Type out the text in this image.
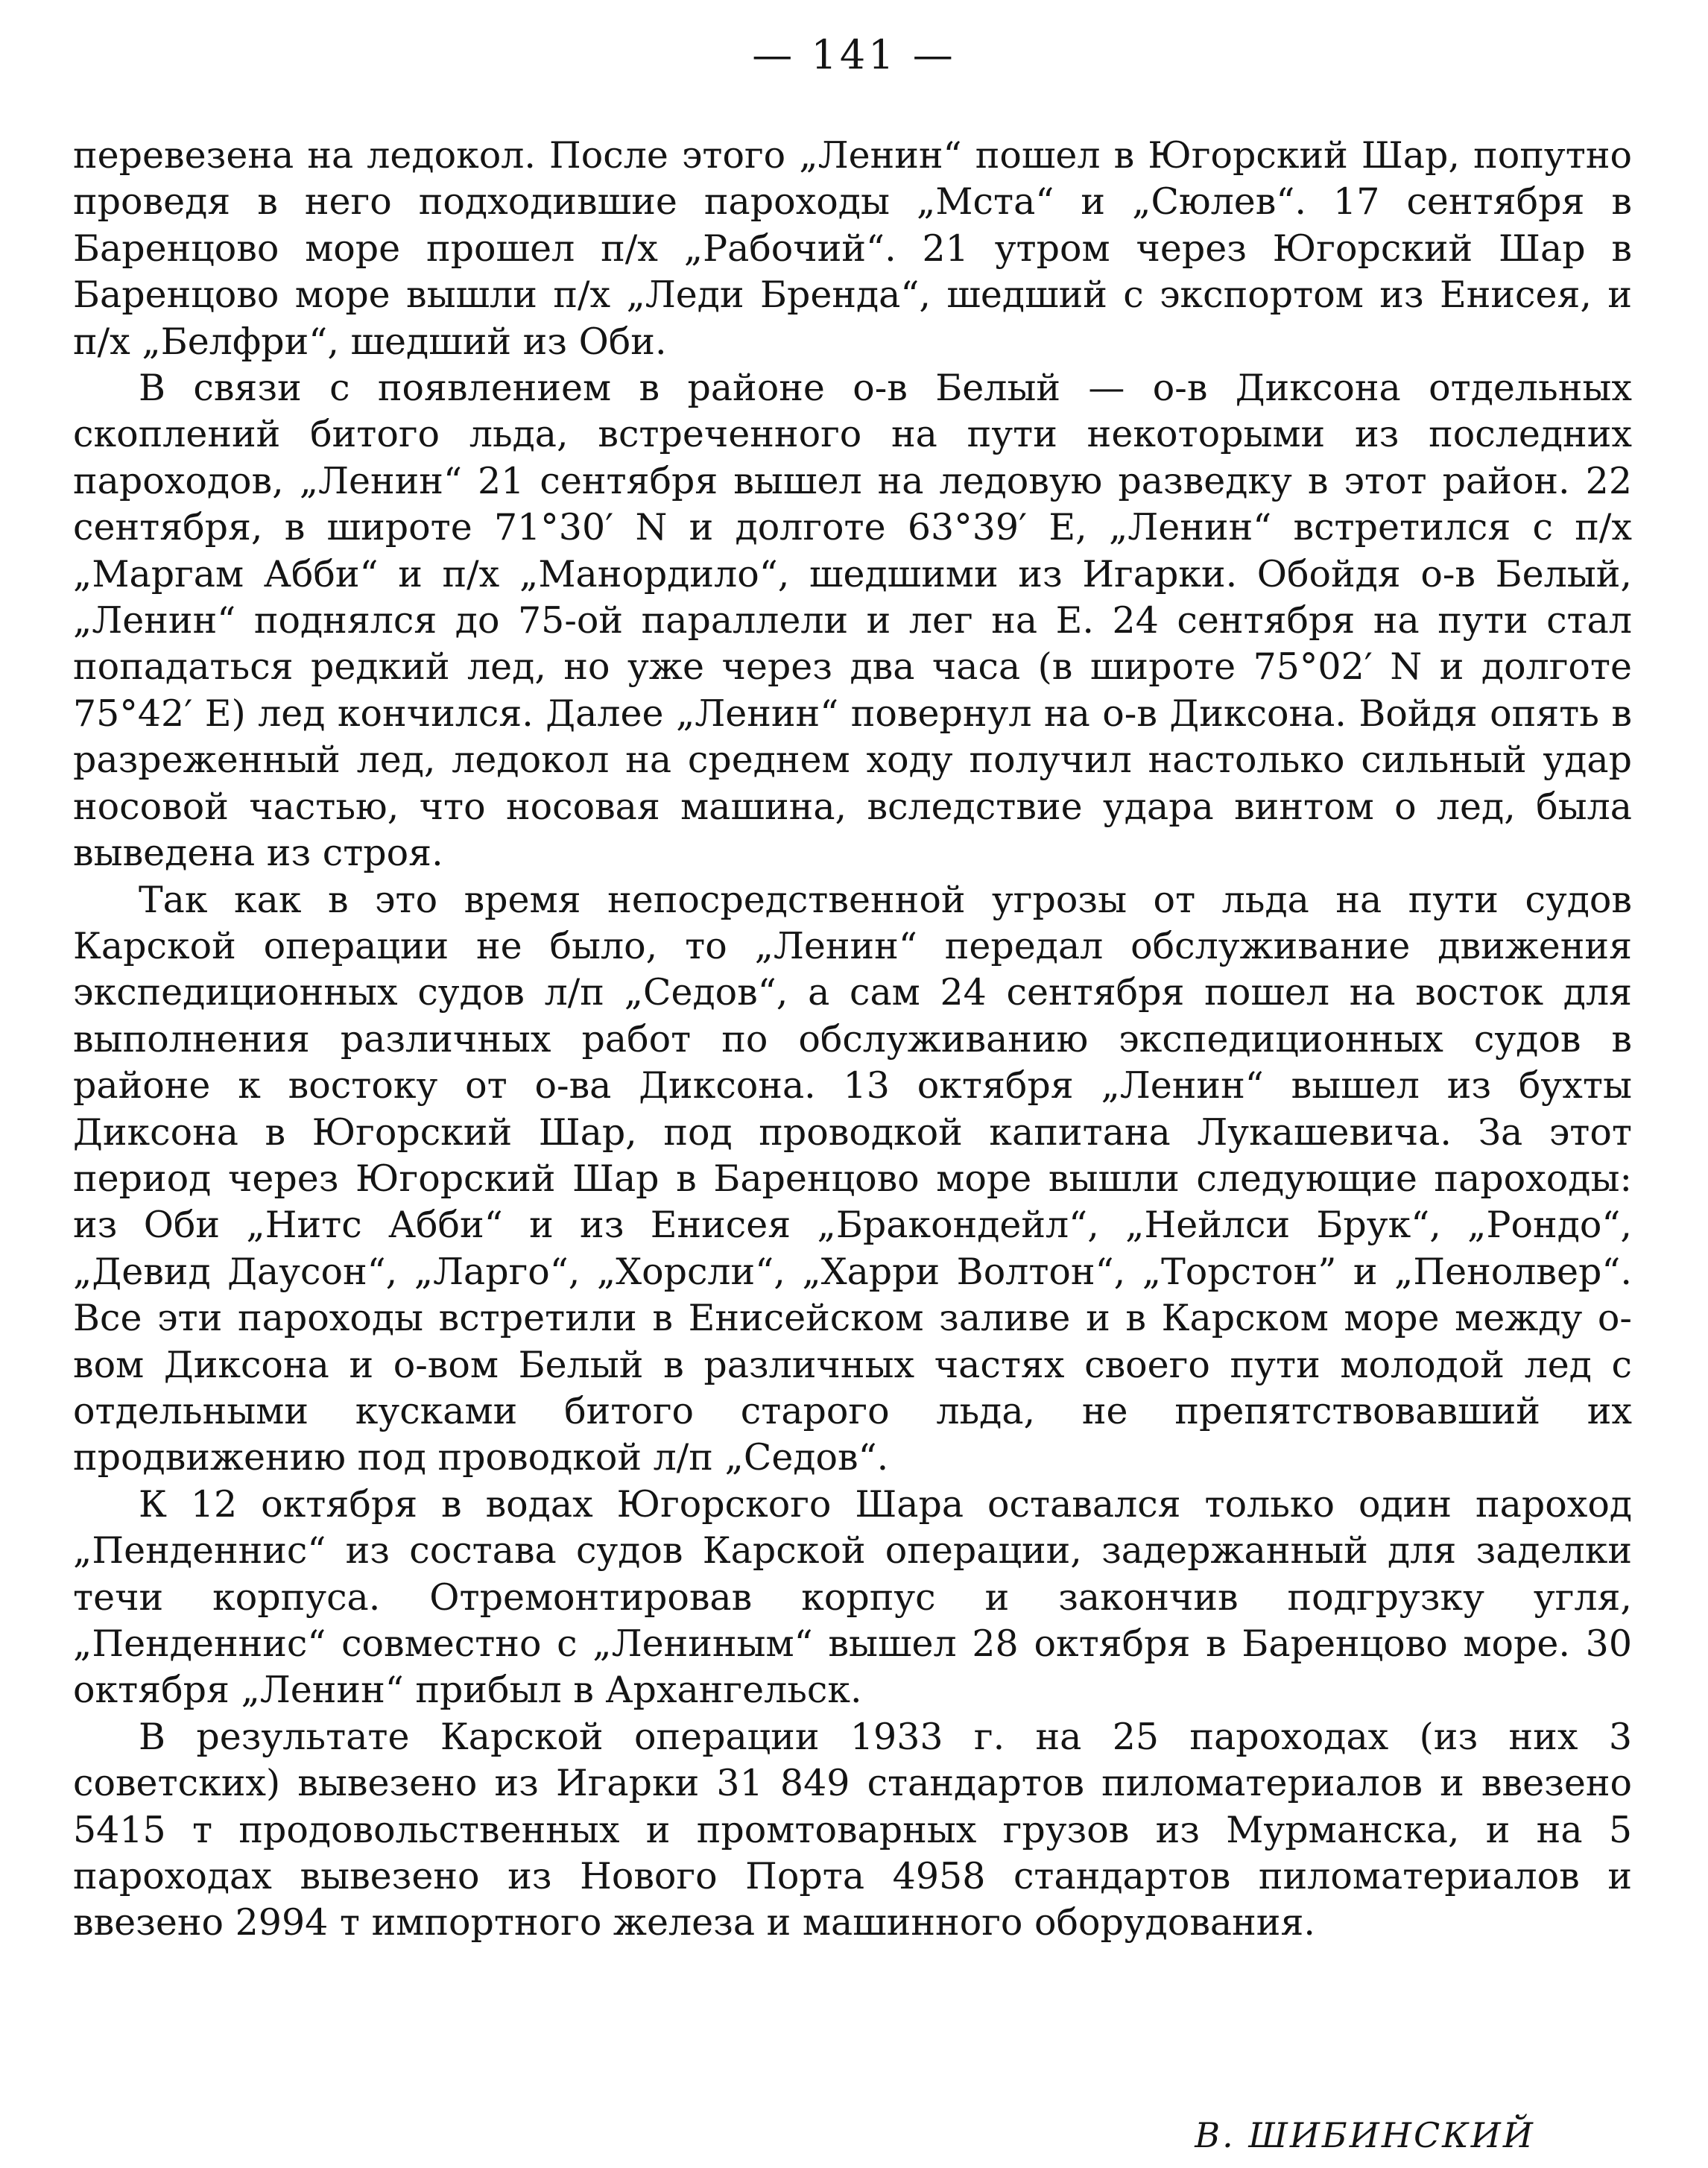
— 141 —

перевезена на ледокол. После этого „Ленин“ пошел в Югорский Шар, попутно проведя в него подходившие пароходы „Мста“ и „Сюлев“. 17 сентября в Баренцово море прошел п/х „Рабочий“. 21 утром через Югорский Шар в Баренцово море вышли п/х „Леди Бренда“, шедший с экспортом из Енисея, и п/х „Белфри“, шедший из Оби.

В связи с появлением в районе о-в Белый — о-в Диксона отдельных скоплений битого льда, встреченного на пути некоторыми из последних пароходов, „Ленин“ 21 сентября вышел на ледовую разведку в этот район. 22 сентября, в широте 71°30′ N и долготе 63°39′ E, „Ленин“ встретился с п/х „Маргам Абби“ и п/х „Манордило“, шедшими из Игарки. Обойдя о-в Белый, „Ленин“ поднялся до 75-ой параллели и лег на E. 24 сентября на пути стал попадаться редкий лед, но уже через два часа (в широте 75°02′ N и долготе 75°42′ E) лед кончился. Далее „Ленин“ повернул на о-в Диксона. Войдя опять в разреженный лед, ледокол на среднем ходу получил настолько сильный удар носовой частью, что носовая машина, вследствие удара винтом о лед, была выведена из строя.

Так как в это время непосредственной угрозы от льда на пути судов Карской операции не было, то „Ленин“ передал обслуживание движения экспедиционных судов л/п „Седов“, а сам 24 сентября пошел на восток для выполнения различных работ по обслуживанию экспедиционных судов в районе к востоку от о-ва Диксона. 13 октября „Ленин“ вышел из бухты Диксона в Югорский Шар, под проводкой капитана Лукашевича. За этот период через Югорский Шар в Баренцово море вышли следующие пароходы: из Оби „Нитс Абби“ и из Енисея „Бракондейл“, „Нейлси Брук“, „Рондо“, „Девид Даусон“, „Ларго“, „Хорсли“, „Харри Волтон“, „Торстон” и „Пенолвер“. Все эти пароходы встретили в Енисейском заливе и в Карском море между о-вом Диксона и о-вом Белый в различных частях своего пути молодой лед с отдельными кусками битого старого льда, не препятствовавший их продвижению под проводкой л/п „Седов“.

К 12 октября в водах Югорского Шара оставался только один пароход „Пенденнис“ из состава судов Карской операции, задержанный для заделки течи корпуса. Отремонтировав корпус и закончив подгрузку угля, „Пенденнис“ совместно с „Лениным“ вышел 28 октября в Баренцово море. 30 октября „Ленин“ прибыл в Архангельск.

В результате Карской операции 1933 г. на 25 пароходах (из них 3 советских) вывезено из Игарки 31 849 стандартов пиломатериалов и ввезено 5415 т продовольственных и промтоварных грузов из Мурманска, и на 5 пароходах вывезено из Нового Порта 4958 стандартов пиломатериалов и ввезено 2994 т импортного железа и машинного оборудования.

В. ШИБИНСКИЙ
